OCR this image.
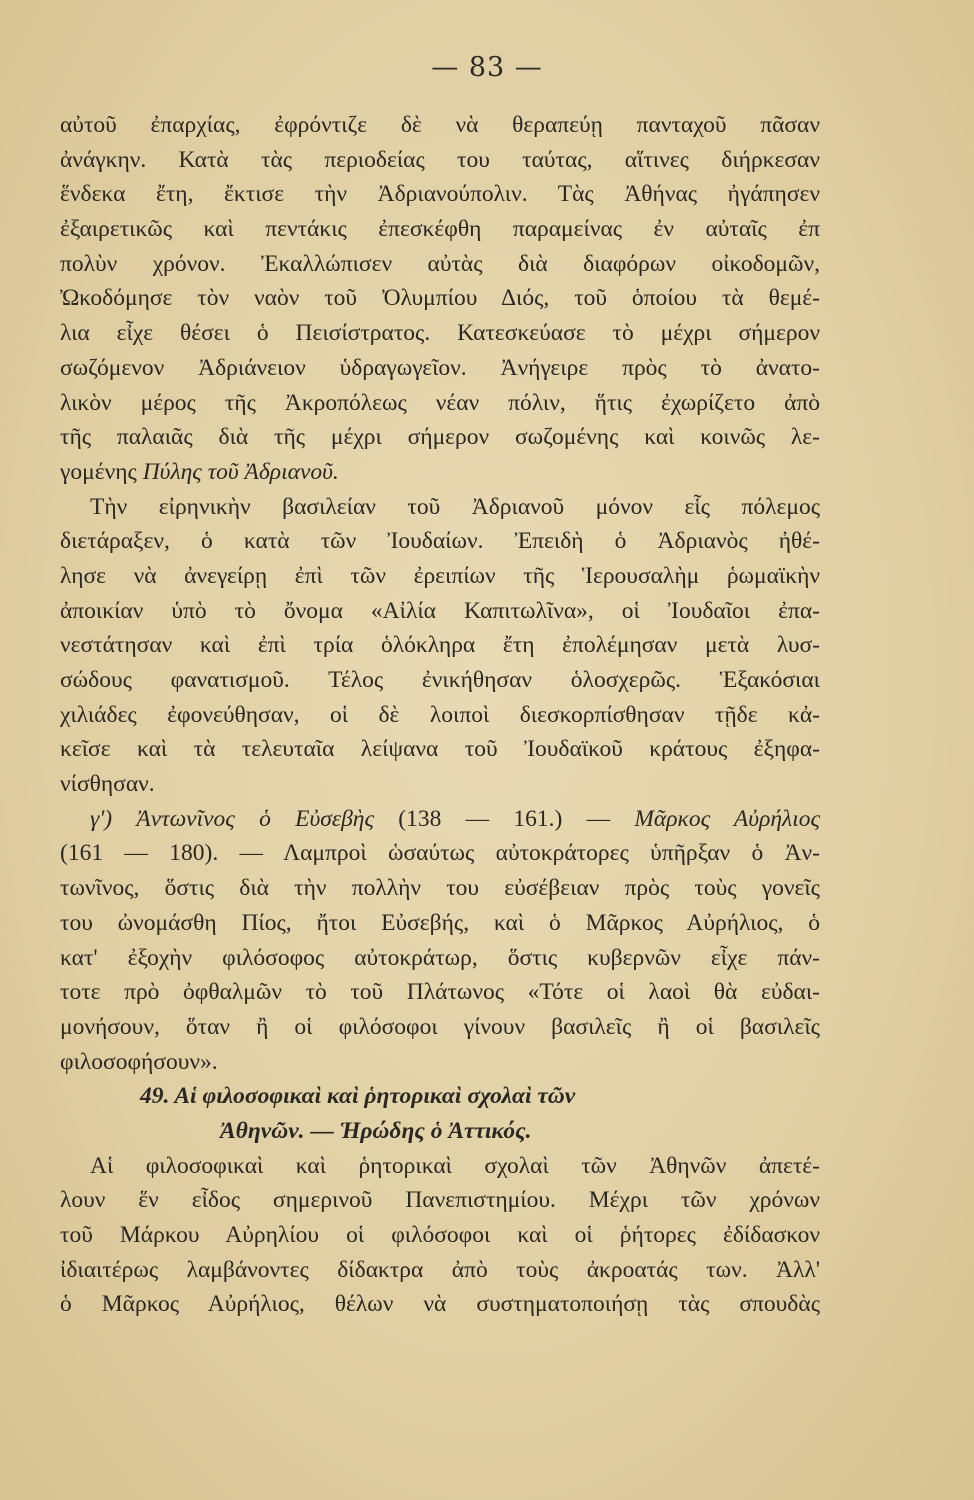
— 83 —
αὐτοῦ ἐπαρχίας, ἐφρόντιζε δὲ νὰ θεραπεύῃ πανταχοῦ πᾶσαν
ἀνάγκην. Κατὰ τὰς περιοδείας του ταύτας, αἵτινες διήρκεσαν
ἕνδεκα ἔτη, ἔκτισε τὴν Ἀδριανούπολιν. Τὰς Ἀθήνας ἠγάπησεν
ἐξαιρετικῶς καὶ πεντάκις ἐπεσκέφθη παραμείνας ἐν αὐταῖς ἐπ
πολὺν χρόνον. Ἐκαλλώπισεν αὐτὰς διὰ διαφόρων οἰκοδομῶν,
Ὠκοδόμησε τὸν ναὸν τοῦ Ὀλυμπίου Διός, τοῦ ὁποίου τὰ θεμέ-
λια εἶχε θέσει ὁ Πεισίστρατος. Κατεσκεύασε τὸ μέχρι σήμερον
σωζόμενον Ἀδριάνειον ὑδραγωγεῖον. Ἀνήγειρε πρὸς τὸ ἀνατο-
λικὸν μέρος τῆς Ἀκροπόλεως νέαν πόλιν, ἥτις ἐχωρίζετο ἀπὸ
τῆς παλαιᾶς διὰ τῆς μέχρι σήμερον σωζομένης καὶ κοινῶς λε-
γομένης Πύλης τοῦ Ἀδριανοῦ.
Τὴν εἰρηνικὴν βασιλείαν τοῦ Ἀδριανοῦ μόνον εἷς πόλεμος
διετάραξεν, ὁ κατὰ τῶν Ἰουδαίων. Ἐπειδὴ ὁ Ἀδριανὸς ἠθέ-
λησε νὰ ἀνεγείρῃ ἐπὶ τῶν ἐρειπίων τῆς Ἱερουσαλὴμ ῥωμαϊκὴν
ἀποικίαν ὑπὸ τὸ ὄνομα «Αἰλία Καπιτωλῖνα», οἱ Ἰουδαῖοι ἐπα-
νεστάτησαν καὶ ἐπὶ τρία ὁλόκληρα ἔτη ἐπολέμησαν μετὰ λυσ-
σώδους φανατισμοῦ. Τέλος ἐνικήθησαν ὁλοσχερῶς. Ἑξακόσιαι
χιλιάδες ἐφονεύθησαν, οἱ δὲ λοιποὶ διεσκορπίσθησαν τῇδε κἀ-
κεῖσε καὶ τὰ τελευταῖα λείψανα τοῦ Ἰουδαϊκοῦ κράτους ἐξηφα-
νίσθησαν.
γ') Ἀντωνῖνος ὁ Εὐσεβὴς (138 — 161.) — Μᾶρκος Αὐρήλιος
(161 — 180). — Λαμπροὶ ὡσαύτως αὐτοκράτορες ὑπῆρξαν ὁ Ἀν-
τωνῖνος, ὅστις διὰ τὴν πολλὴν του εὐσέβειαν πρὸς τοὺς γονεῖς
του ὠνομάσθη Πίος, ἤτοι Εὐσεβής, καὶ ὁ Μᾶρκος Αὐρήλιος, ὁ
κατ' ἐξοχὴν φιλόσοφος αὐτοκράτωρ, ὅστις κυβερνῶν εἶχε πάν-
τοτε πρὸ ὀφθαλμῶν τὸ τοῦ Πλάτωνος «Τότε οἱ λαοὶ θὰ εὐδαι-
μονήσουν, ὅταν ἢ οἱ φιλόσοφοι γίνουν βασιλεῖς ἢ οἱ βασιλεῖς
φιλοσοφήσουν».
49. Αἱ φιλοσοφικαὶ καὶ ῥητορικαὶ σχολαὶ τῶν
Ἀθηνῶν. — Ἡρώδης ὁ Ἀττικός.
Αἱ φιλοσοφικαὶ καὶ ῥητορικαὶ σχολαὶ τῶν Ἀθηνῶν ἀπετέ-
λουν ἕν εἶδος σημερινοῦ Πανεπιστημίου. Μέχρι τῶν χρόνων
τοῦ Μάρκου Αὐρηλίου οἱ φιλόσοφοι καὶ οἱ ῥήτορες ἐδίδασκον
ἰδιαιτέρως λαμβάνοντες δίδακτρα ἀπὸ τοὺς ἀκροατάς των. Ἀλλ'
ὁ Μᾶρκος Αὐρήλιος, θέλων νὰ συστηματοποιήσῃ τὰς σπουδὰς
